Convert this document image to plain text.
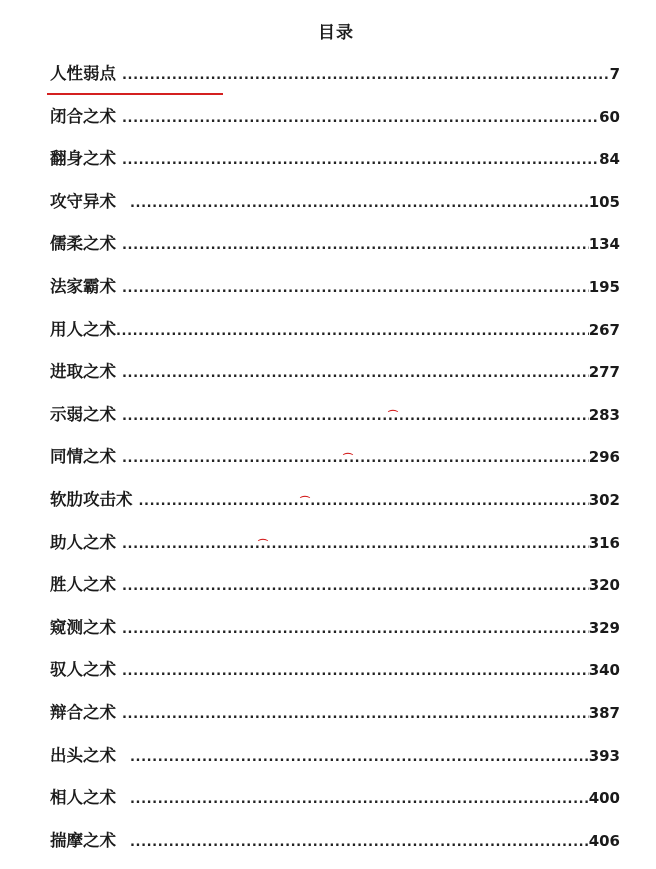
目录
⌒
⌒
⌒
⌒
人性弱点 .....	7
闭合之术 .....	60
翻身之术 .....	84
攻守异术 .....	105
儒柔之术 .....	134
法家霸术 .....	195
用人之术 .....	267
进取之术 .....	277
示弱之术 .....	283
同情之术 .....	296
软肋攻击术 .....	302
助人之术 .....	316
胜人之术 .....	320
窥测之术 .....	329
驭人之术 .....	340
辩合之术 .....	387
出头之术 .....	393
相人之术 .....	400
揣摩之术 .....	406
